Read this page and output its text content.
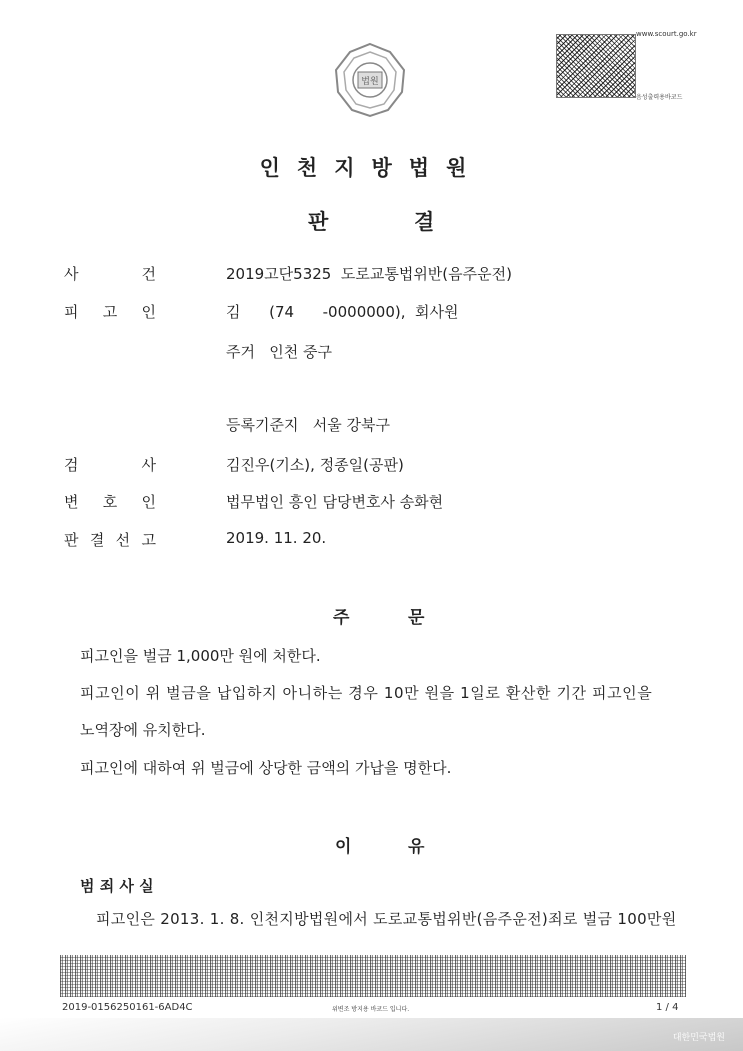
법원
www.scourt.go.kr
음성출력용바코드
인천지방법원
판	결
사	건	2019고단5325  도로교통법위반(음주운전)
피 고 인	김      (74      -0000000),  회사원
주거   인천 중구
등록기준지   서울 강북구
검	사	김진우(기소), 정종일(공판)
변 호 인	법무법인 흥인 담당변호사 송화현
판 결 선 고	2019. 11. 20.
주	문
피고인을 벌금 1,000만 원에 처한다.
피고인이 위 벌금을 납입하지 아니하는 경우 10만 원을 1일로 환산한 기간 피고인을
노역장에 유치한다.
피고인에 대하여 위 벌금에 상당한 금액의 가납을 명한다.
이	유
범 죄 사 실
피고인은 2013. 1. 8. 인천지방법원에서 도로교통법위반(음주운전)죄로 벌금 100만원
2019-0156250161-6AD4C	위변조 방지용 바코드 입니다.	1 / 4
대한민국법원
